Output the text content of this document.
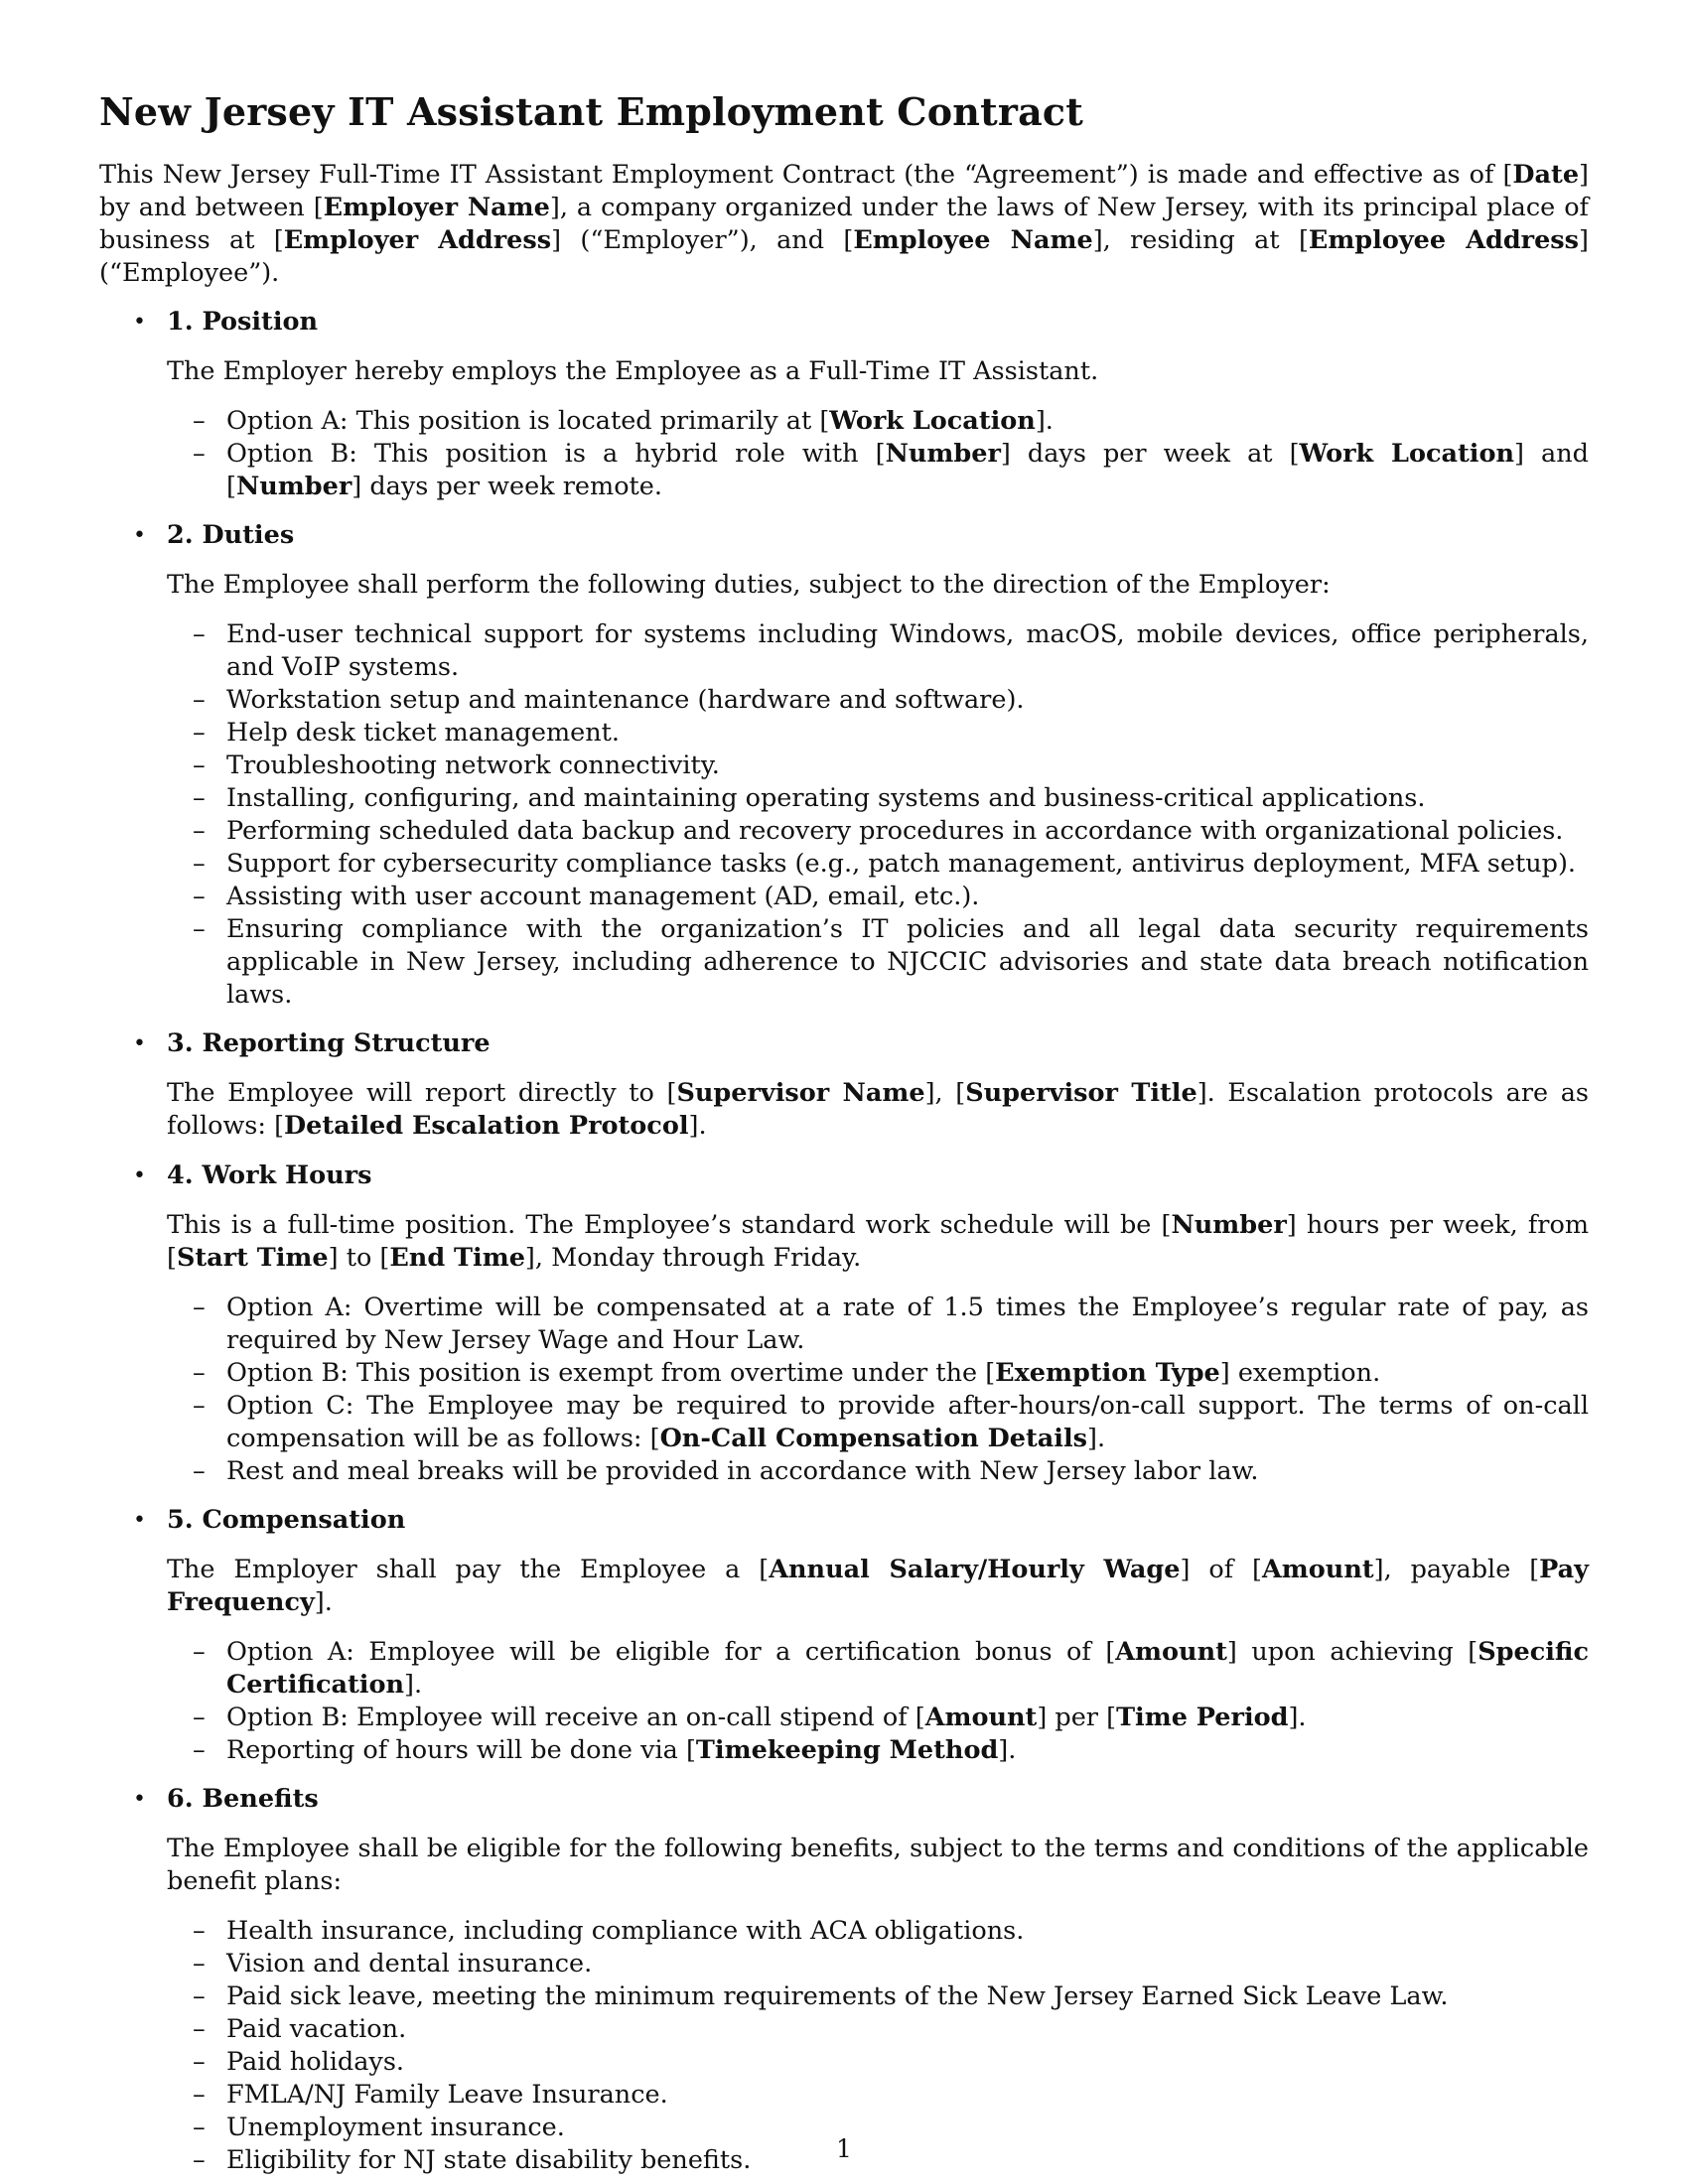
New Jersey IT Assistant Employment Contract

This New Jersey Full-Time IT Assistant Employment Contract (the “Agreement”) is made and effective as of [Date] by and between [Employer Name], a company organized under the laws of New Jersey, with its principal place of business at [Employer Address] (“Employer”), and [Employee Name], residing at [Employee Address] (“Employee”).

• 1. Position
The Employer hereby employs the Employee as a Full-Time IT Assistant.
– Option A: This position is located primarily at [Work Location].
– Option B: This position is a hybrid role with [Number] days per week at [Work Location] and [Number] days per week remote.
• 2. Duties
The Employee shall perform the following duties, subject to the direction of the Employer:
– End-user technical support for systems including Windows, macOS, mobile devices, office peripherals, and VoIP systems.
– Workstation setup and maintenance (hardware and software).
– Help desk ticket management.
– Troubleshooting network connectivity.
– Installing, configuring, and maintaining operating systems and business-critical applications.
– Performing scheduled data backup and recovery procedures in accordance with organizational policies.
– Support for cybersecurity compliance tasks (e.g., patch management, antivirus deployment, MFA setup).
– Assisting with user account management (AD, email, etc.).
– Ensuring compliance with the organization’s IT policies and all legal data security requirements applicable in New Jersey, including adherence to NJCCIC advisories and state data breach notification laws.
• 3. Reporting Structure
The Employee will report directly to [Supervisor Name], [Supervisor Title]. Escalation protocols are as follows: [Detailed Escalation Protocol].
• 4. Work Hours
This is a full-time position. The Employee’s standard work schedule will be [Number] hours per week, from [Start Time] to [End Time], Monday through Friday.
– Option A: Overtime will be compensated at a rate of 1.5 times the Employee’s regular rate of pay, as required by New Jersey Wage and Hour Law.
– Option B: This position is exempt from overtime under the [Exemption Type] exemption.
– Option C: The Employee may be required to provide after-hours/on-call support. The terms of on-call compensation will be as follows: [On-Call Compensation Details].
– Rest and meal breaks will be provided in accordance with New Jersey labor law.
• 5. Compensation
The Employer shall pay the Employee a [Annual Salary/Hourly Wage] of [Amount], payable [Pay Frequency].
– Option A: Employee will be eligible for a certification bonus of [Amount] upon achieving [Specific Certification].
– Option B: Employee will receive an on-call stipend of [Amount] per [Time Period].
– Reporting of hours will be done via [Timekeeping Method].
• 6. Benefits
The Employee shall be eligible for the following benefits, subject to the terms and conditions of the applicable benefit plans:
– Health insurance, including compliance with ACA obligations.
– Vision and dental insurance.
– Paid sick leave, meeting the minimum requirements of the New Jersey Earned Sick Leave Law.
– Paid vacation.
– Paid holidays.
– FMLA/NJ Family Leave Insurance.
– Unemployment insurance.
– Eligibility for NJ state disability benefits.	1
